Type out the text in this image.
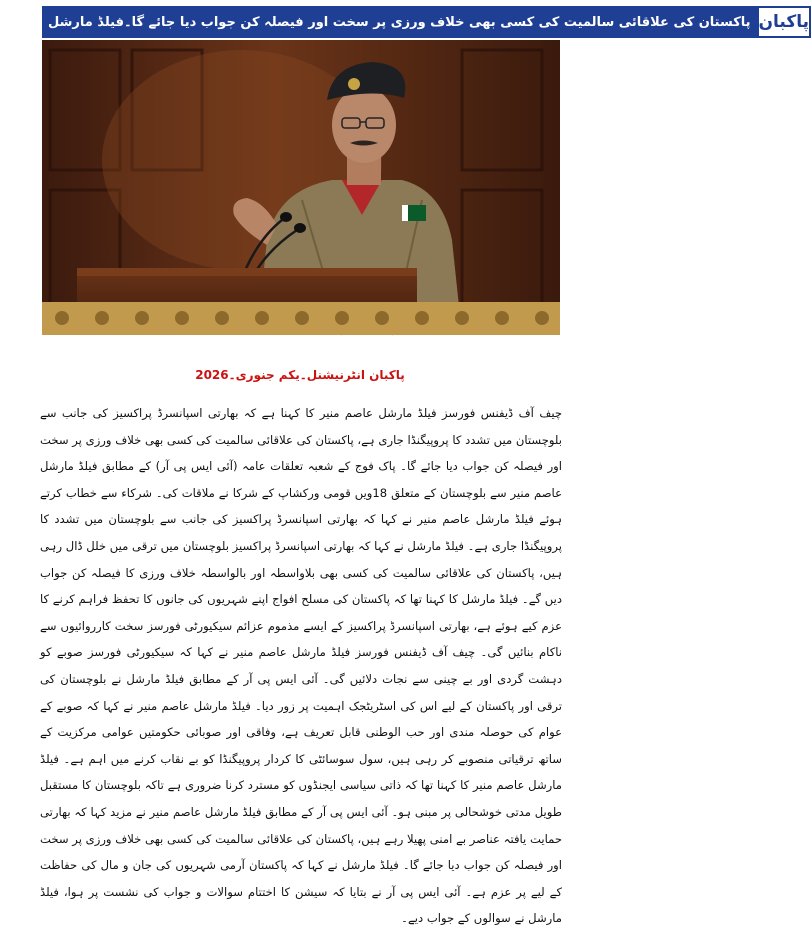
پاکستان کی علاقائی سالمیت کی کسی بھی خلاف ورزی پر سخت اور فیصلہ کن جواب دیا جائے گا۔فیلڈ مارشل پاکبان
پاکبان انٹرنیشنل۔یکم جنوری۔2026

چیف آف ڈیفنس فورسز فیلڈ مارشل عاصم منیر کا کہنا ہے کہ بھارتی اسپانسرڈ پراکسیز کی جانب سے بلوچستان میں تشدد کا پروپیگنڈا جاری ہے، پاکستان کی علاقائی سالمیت کی کسی بھی خلاف ورزی پر سخت اور فیصلہ کن جواب دیا جائے گا۔ پاک فوج کے شعبہ تعلقات عامہ (آئی ایس پی آر) کے مطابق فیلڈ مارشل عاصم منیر سے بلوچستان کے متعلق 18ویں قومی ورکشاپ کے شرکا نے ملاقات کی۔ شرکاء سے خطاب کرتے ہوئے فیلڈ مارشل عاصم منیر نے کہا کہ بھارتی اسپانسرڈ پراکسیز کی جانب سے بلوچستان میں تشدد کا پروپیگنڈا جاری ہے۔ فیلڈ مارشل نے کہا کہ بھارتی اسپانسرڈ پراکسیز بلوچستان میں ترقی میں خلل ڈال رہی ہیں، پاکستان کی علاقائی سالمیت کی کسی بھی بلاواسطہ اور بالواسطہ خلاف ورزی کا فیصلہ کن جواب دیں گے۔ فیلڈ مارشل کا کہنا تھا کہ پاکستان کی مسلح افواج اپنے شہریوں کی جانوں کا تحفظ فراہم کرنے کا عزم کیے ہوئے ہے، بھارتی اسپانسرڈ پراکسیز کے ایسے مذموم عزائم سیکیورٹی فورسز سخت کارروائیوں سے ناکام بنائیں گی۔ چیف آف ڈیفنس فورسز فیلڈ مارشل عاصم منیر نے کہا کہ سیکیورٹی فورسز صوبے کو دہشت گردی اور بے چینی سے نجات دلائیں گی۔ آئی ایس پی آر کے مطابق فیلڈ مارشل نے بلوچستان کی ترقی اور پاکستان کے لیے اس کی اسٹریٹجک اہمیت پر زور دیا۔ فیلڈ مارشل عاصم منیر نے کہا کہ صوبے کے عوام کی حوصلہ مندی اور حب الوطنی قابل تعریف ہے، وفاقی اور صوبائی حکومتیں عوامی مرکزیت کے ساتھ ترقیاتی منصوبے کر رہی ہیں، سول سوسائٹی کا کردار پروپیگنڈا کو بے نقاب کرنے میں اہم ہے۔ فیلڈ مارشل عاصم منیر کا کہنا تھا کہ ذاتی سیاسی ایجنڈوں کو مسترد کرنا ضروری ہے تاکہ بلوچستان کا مستقبل طویل مدتی خوشحالی پر مبنی ہو۔ آئی ایس پی آر کے مطابق فیلڈ مارشل عاصم منیر نے مزید کہا کہ بھارتی حمایت یافتہ عناصر بے امنی پھیلا رہے ہیں، پاکستان کی علاقائی سالمیت کی کسی بھی خلاف ورزی پر سخت اور فیصلہ کن جواب دیا جائے گا۔ فیلڈ مارشل نے کہا کہ پاکستان آرمی شہریوں کی جان و مال کی حفاظت کے لیے پر عزم ہے۔ آئی ایس پی آر نے بتایا کہ سیشن کا اختتام سوالات و جواب کی نشست پر ہوا، فیلڈ مارشل نے سوالوں کے جواب دیے۔
